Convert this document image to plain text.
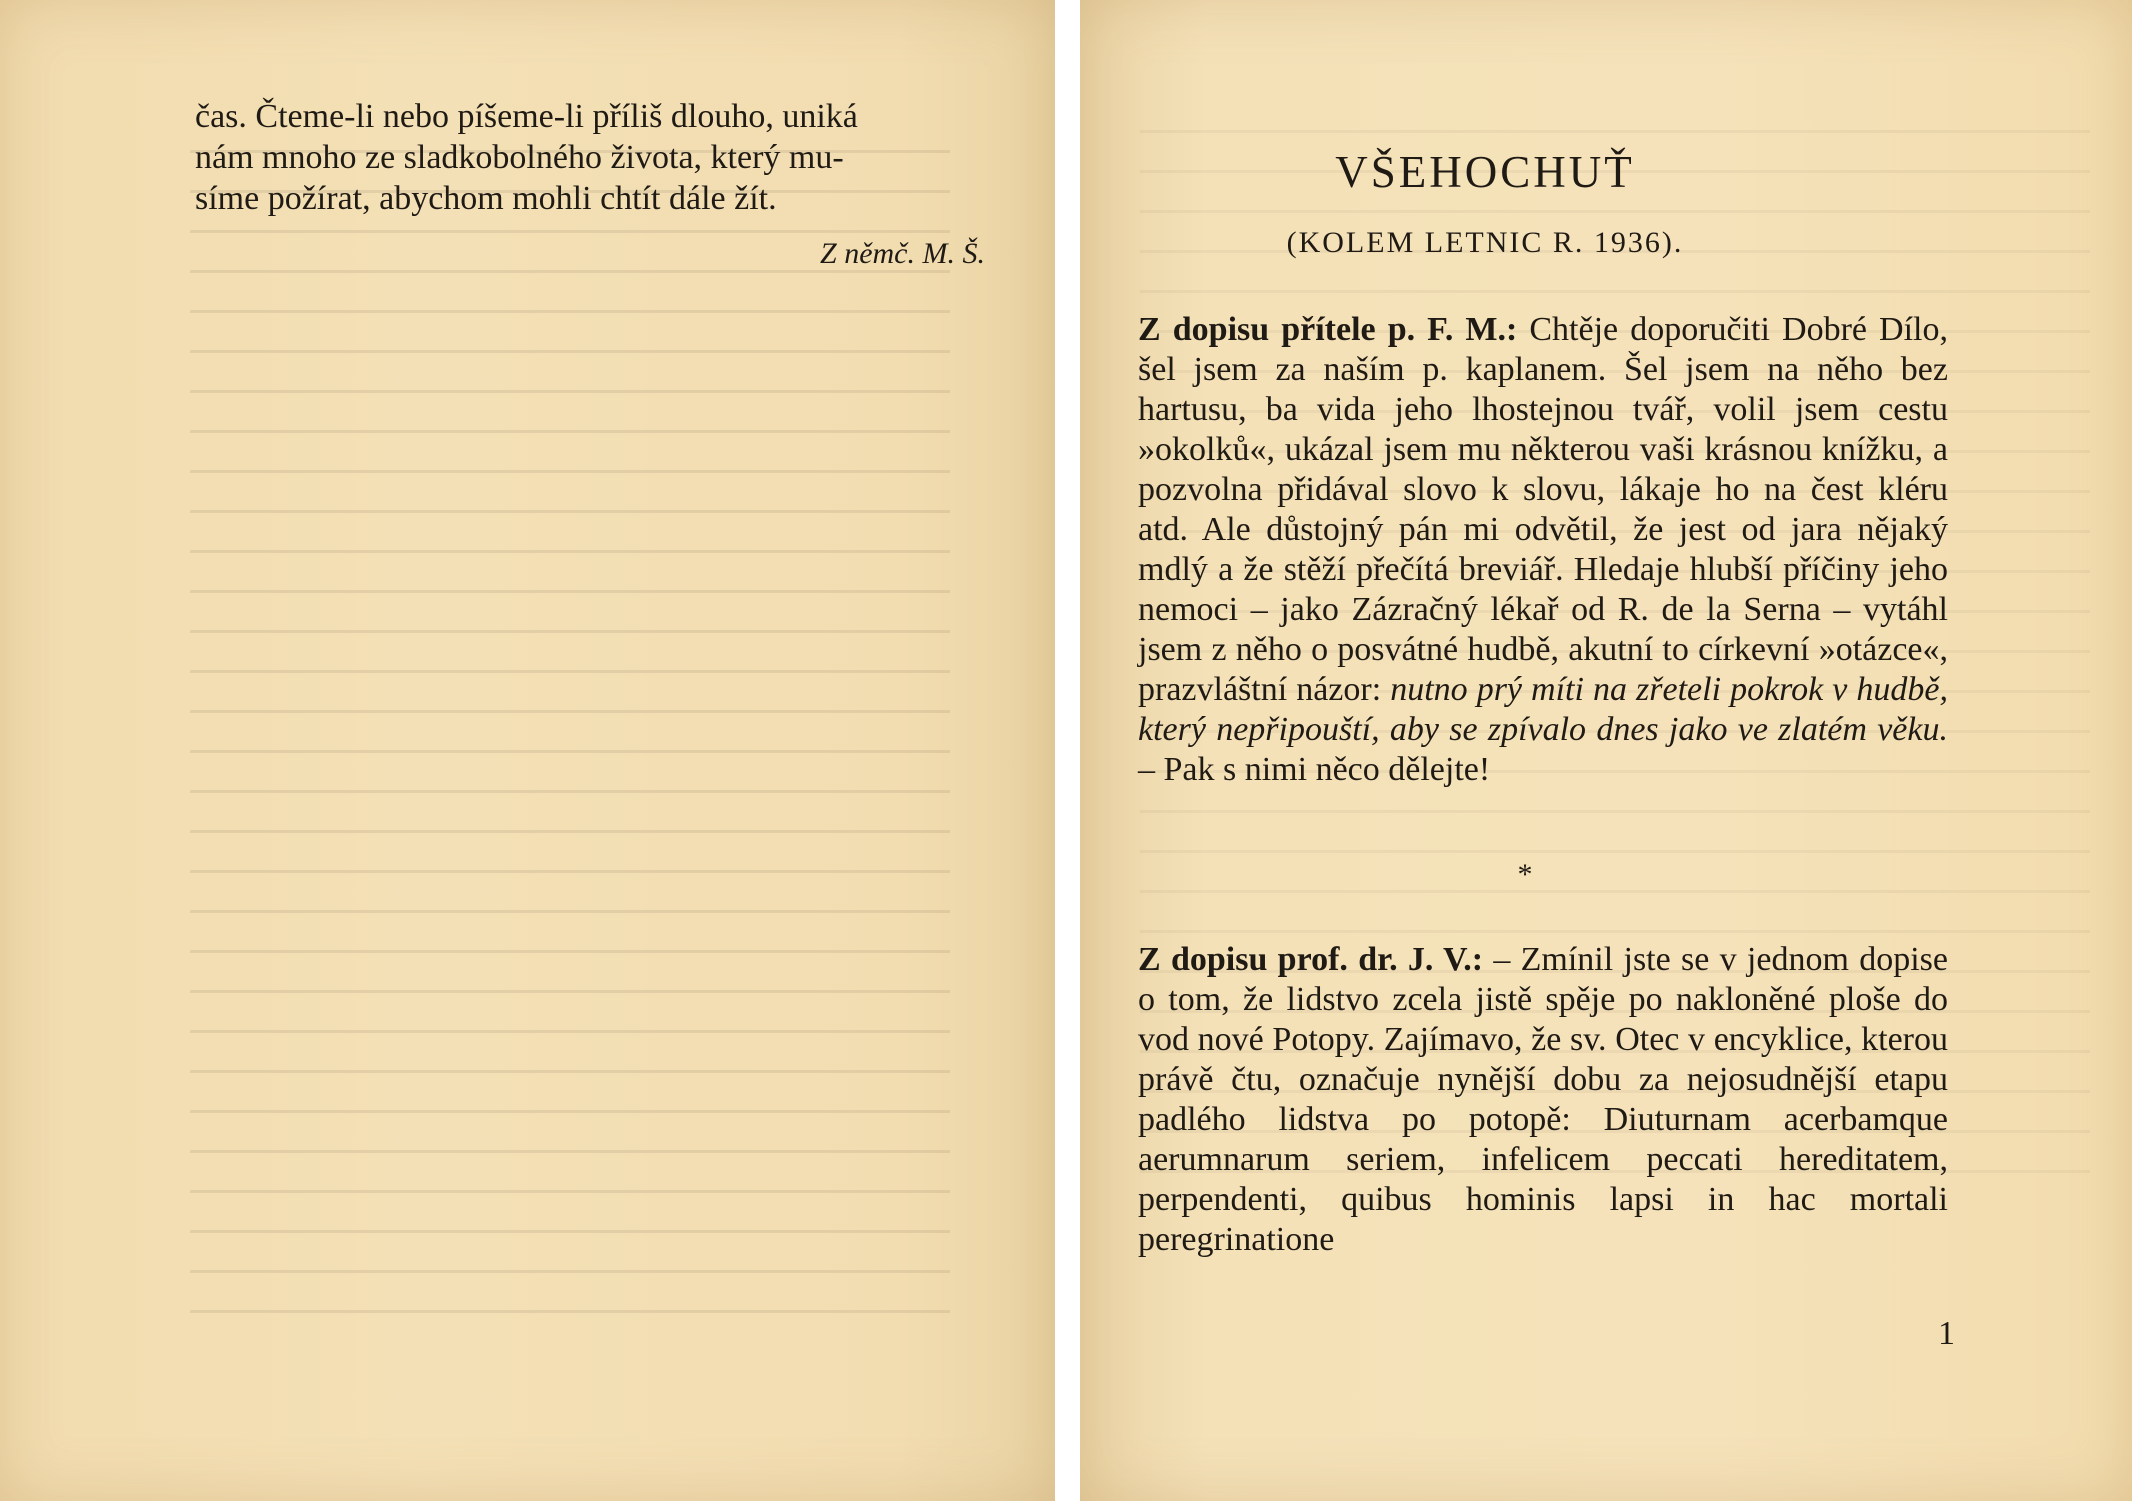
čas. Čteme-li nebo píšeme-li příliš dlouho, uniká
nám mnoho ze sladkobolného života, který mu-
síme požírat, abychom mohli chtít dále žít.

Z němč. M. Š.
VŠEHOCHUŤ
(KOLEM LETNIC R. 1936).

Z dopisu přítele p. F. M.: Chtěje doporučiti Dobré Dílo, šel jsem za naším p. kaplanem. Šel jsem na něho bez hartusu, ba vida jeho lhostejnou tvář, volil jsem cestu »okolků«, ukázal jsem mu některou vaši krásnou knížku, a pozvolna přidával slovo k slovu, lákaje ho na čest kléru atd. Ale důstojný pán mi odvětil, že jest od jara nějaký mdlý a že stěží přečítá breviář. Hledaje hlubší příčiny jeho nemoci – jako Zázračný lékař od R. de la Serna – vytáhl jsem z něho o posvátné hudbě, akutní to církevní »otázce«, prazvláštní názor: nutno prý míti na zřeteli pokrok v hudbě, který nepřipouští, aby se zpívalo dnes jako ve zlatém věku. – Pak s nimi něco dělejte!

*

Z dopisu prof. dr. J. V.: – Zmínil jste se v jednom dopise o tom, že lidstvo zcela jistě spěje po nakloněné ploše do vod nové Potopy. Zajímavo, že sv. Otec v encyklice, kterou právě čtu, označuje nynější dobu za nejosudnější etapu padlého lidstva po potopě: Diuturnam acerbamque aerumnarum seriem, infelicem peccati hereditatem, perpendenti, quibus hominis lapsi in hac mortali peregrinatione

1
